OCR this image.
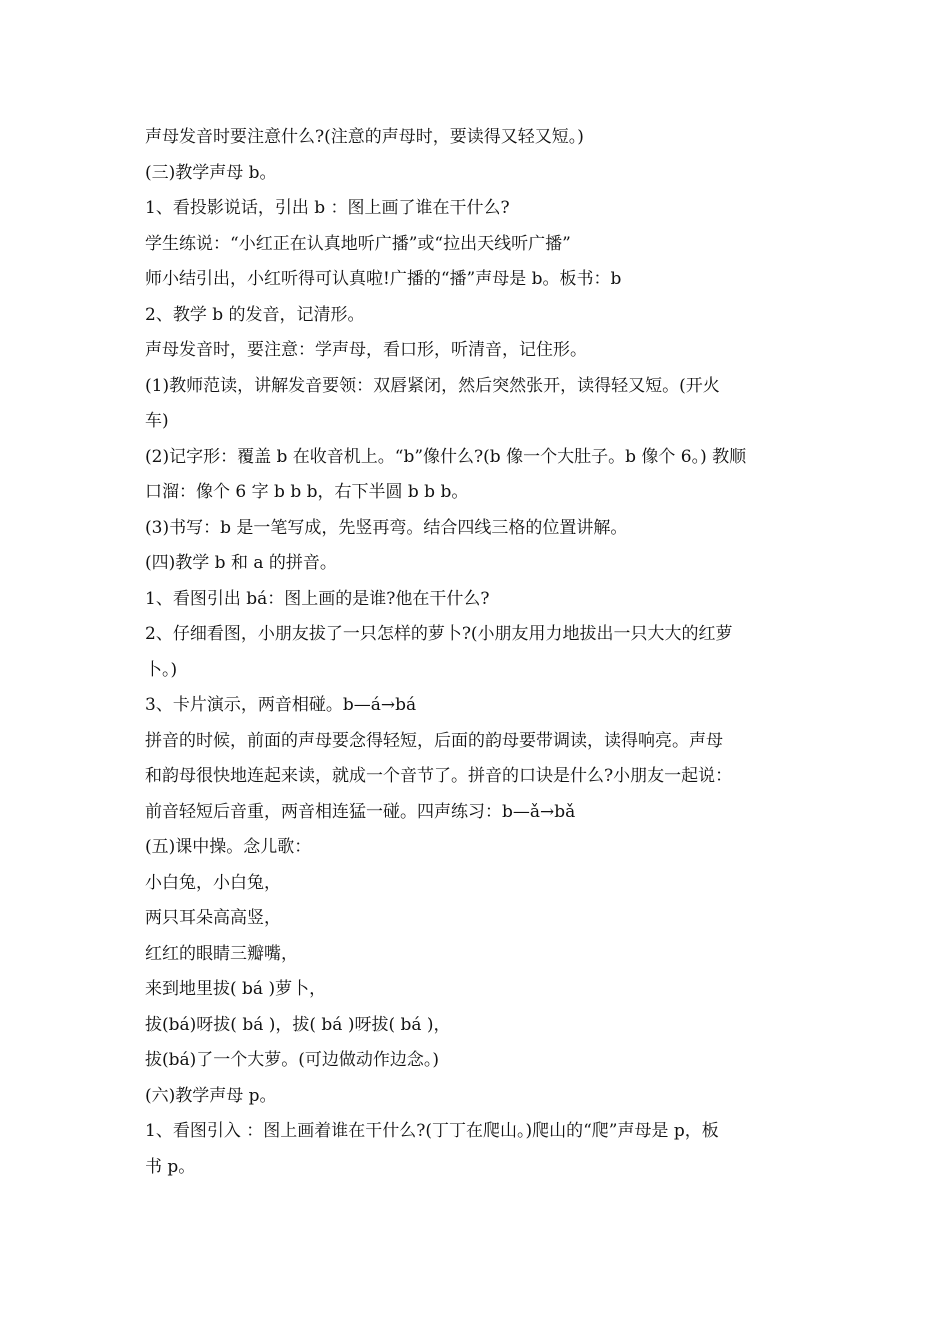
声母发音时要注意什么?(注意的声母时，要读得又轻又短。)
(三)教学声母 b。
1、看投影说话，引出 b ：图上画了谁在干什么?
学生练说：“小红正在认真地听广播”或“拉出天线听广播”
师小结引出，小红听得可认真啦!广播的“播”声母是 b。板书：b
2、教学 b 的发音，记清形。
声母发音时，要注意：学声母，看口形，听清音，记住形。
(1)教师范读，讲解发音要领：双唇紧闭，然后突然张开，读得轻又短。(开火
车)
(2)记字形：覆盖 b 在收音机上。“b”像什么?(b 像一个大肚子。b 像个 6。) 教顺
口溜：像个 6 字 b b b，右下半圆 b b b。
(3)书写：b 是一笔写成，先竖再弯。结合四线三格的位置讲解。
(四)教学 b 和 a 的拼音。
1、看图引出 bá：图上画的是谁?他在干什么?
2、仔细看图，小朋友拔了一只怎样的萝卜?(小朋友用力地拔出一只大大的红萝
卜。)
3、卡片演示，两音相碰。b—á→bá
拼音的时候，前面的声母要念得轻短，后面的韵母要带调读，读得响亮。声母
和韵母很快地连起来读，就成一个音节了。拼音的口诀是什么?小朋友一起说：
前音轻短后音重，两音相连猛一碰。四声练习：b—ǎ→bǎ
(五)课中操。念儿歌：
小白兔，小白兔，
两只耳朵高高竖，
红红的眼睛三瓣嘴，
来到地里拔( bá )萝卜，
拔(bá)呀拔( bá )，拔( bá )呀拔( bá )，
拔(bá)了一个大萝。(可边做动作边念。)
(六)教学声母 p。
1、看图引入 ：图上画着谁在干什么?(丁丁在爬山。)爬山的“爬”声母是 p，板
书 p。
